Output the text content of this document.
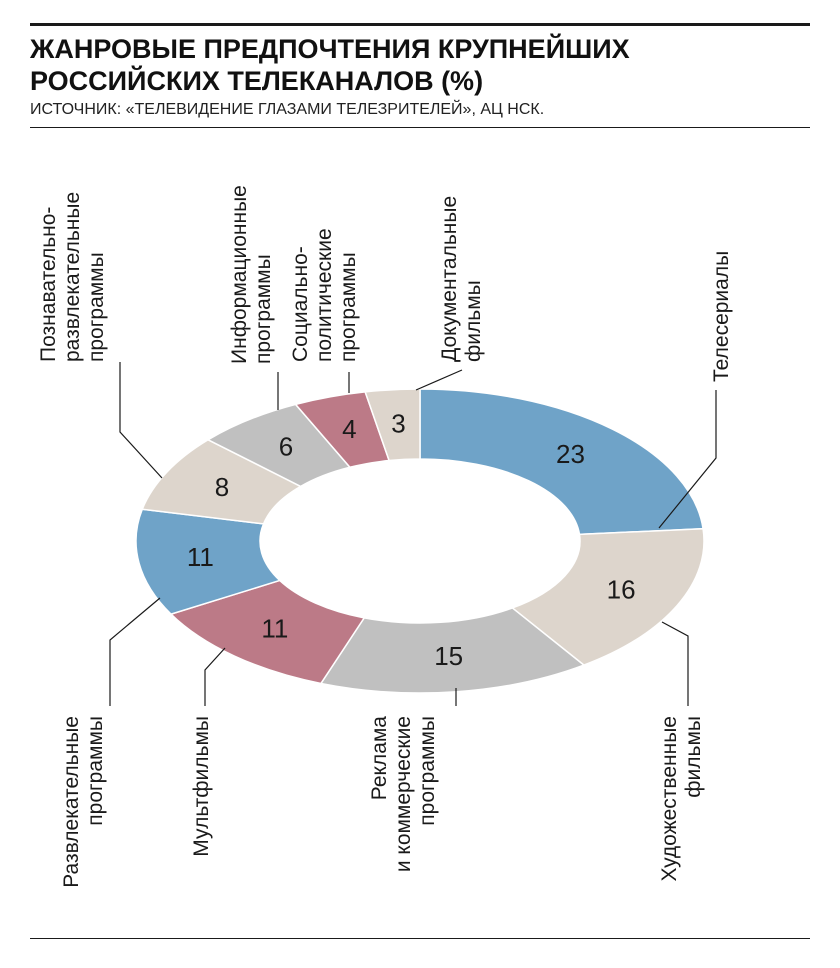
ЖАНРОВЫЕ ПРЕДПОЧТЕНИЯ КРУПНЕЙШИХ
РОССИЙСКИХ ТЕЛЕКАНАЛОВ (%)
ИСТОЧНИК: «ТЕЛЕВИДЕНИЕ ГЛАЗАМИ ТЕЛЕЗРИТЕЛЕЙ», АЦ НСК.
23
16
15
11
11
8
6
4 3
Телесериалы
Художественныефильмы
Рекламаи коммерческиепрограммы
Мультфильмы
Развлекательныепрограммы
Познавательно-развлекательныепрограммы	Информационныепрограммы Социально-политическиепрограммы	Документальныефильмы
